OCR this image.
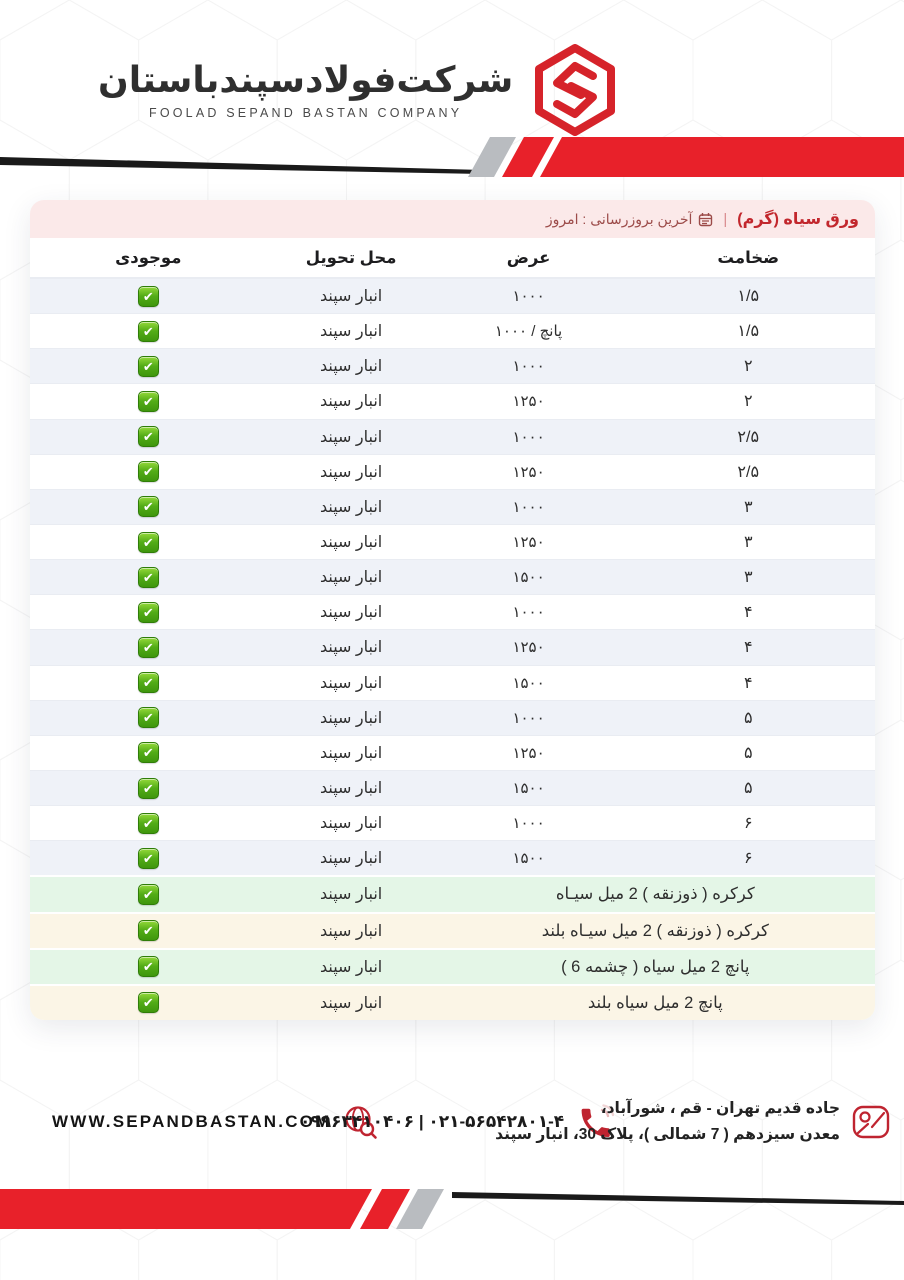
شرکت‌فولادسپندباستان
FOOLAD SEPAND BASTAN COMPANY
ورق سیاه (گرم)
|
آخرین بروزرسانی : امروز
ضخامت
عرض
محل تحویل
موجودی
۱/۵
۱۰۰۰
انبار سپند
✔
۱/۵
پانچ / ۱۰۰۰
انبار سپند
✔
۲
۱۰۰۰
انبار سپند
✔
۲
۱۲۵۰
انبار سپند
✔
۲/۵
۱۰۰۰
انبار سپند
✔
۲/۵
۱۲۵۰
انبار سپند
✔
۳
۱۰۰۰
انبار سپند
✔
۳
۱۲۵۰
انبار سپند
✔
۳
۱۵۰۰
انبار سپند
✔
۴
۱۰۰۰
انبار سپند
✔
۴
۱۲۵۰
انبار سپند
✔
۴
۱۵۰۰
انبار سپند
✔
۵
۱۰۰۰
انبار سپند
✔
۵
۱۲۵۰
انبار سپند
✔
۵
۱۵۰۰
انبار سپند
✔
۶
۱۰۰۰
انبار سپند
✔
۶
۱۵۰۰
انبار سپند
✔
کرکره ( ذوزنقه ) 2 میل سیـاه
انبار سپند
✔
کرکره ( ذوزنقه ) 2 میل سیـاه بلند
انبار سپند
✔
پانچ 2 میل سیاه ( چشمه 6 )
انبار سپند
✔
پانچ 2 میل سیاه بلند
انبار سپند
✔
WWW.SEPANDBASTAN.COM
۰۹۹۶۳۴۱۰۴۰۶ | ۰۲۱-۵۶۵۴۲۸۰۱-۴
جاده قدیم تهران - قم ، شورآباد،
معدن سیزدهم ( 7 شمالی )، پلاک 30، انبار سپند
